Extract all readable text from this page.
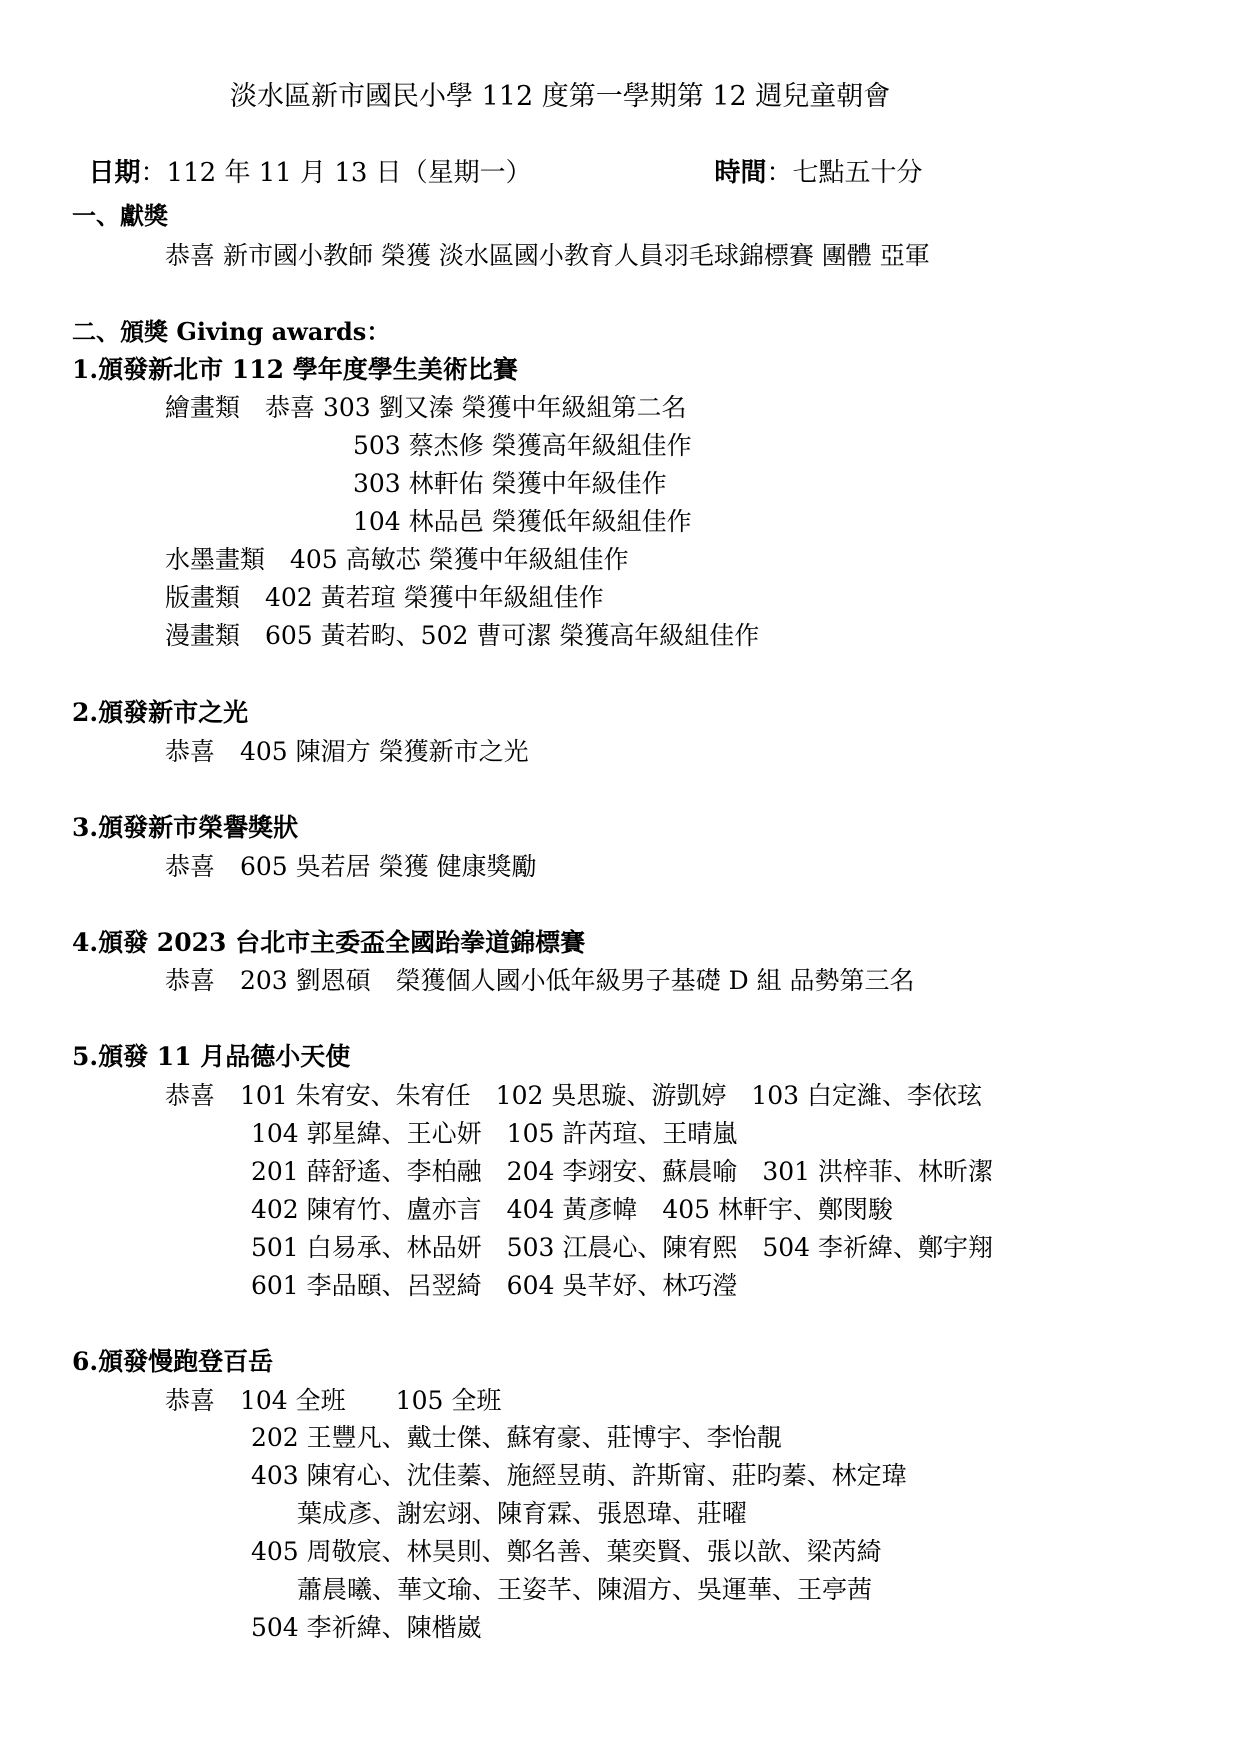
淡水區新市國民小學 112 度第一學期第 12 週兒童朝會

日期：112 年 11 月 13 日（星期一）	時間：七點五十分

一、獻獎
恭喜 新市國小教師 榮獲 淡水區國小教育人員羽毛球錦標賽 團體 亞軍
二、頒獎 Giving awards：
1.頒發新北市 112 學年度學生美術比賽
繪畫類　恭喜 303 劉又溱 榮獲中年級組第二名
503 蔡杰修 榮獲高年級組佳作
303 林軒佑 榮獲中年級佳作
104 林品邑 榮獲低年級組佳作
水墨畫類　405 高敏芯 榮獲中年級組佳作
版畫類　402 黃若瑄 榮獲中年級組佳作
漫畫類　605 黃若畇、502 曹可潔 榮獲高年級組佳作
2.頒發新市之光
恭喜　405 陳湄方 榮獲新市之光
3.頒發新市榮譽獎狀
恭喜　605 吳若居 榮獲 健康獎勵
4.頒發 2023 台北市主委盃全國跆拳道錦標賽
恭喜　203 劉恩碩　榮獲個人國小低年級男子基礎 D 組 品勢第三名
5.頒發 11 月品德小天使
恭喜　101 朱宥安、朱宥任　102 吳思璇、游凱婷　103 白定濰、李依玹
104 郭星緯、王心妍　105 許芮瑄、王晴嵐
201 薛舒遙、李柏融　204 李翊安、蘇晨喻　301 洪梓菲、林昕潔
402 陳宥竹、盧亦言　404 黃彥幃　405 林軒宇、鄭閔駿
501 白易承、林品妍　503 江晨心、陳宥熙　504 李祈緯、鄭宇翔
601 李品頤、呂翌綺　604 吳芊妤、林巧瀅
6.頒發慢跑登百岳
恭喜　104 全班　　105 全班
202 王豐凡、戴士傑、蘇宥豪、莊博宇、李怡靚
403 陳宥心、沈佳蓁、施經昱萌、許斯甯、莊昀蓁、林定瑋
葉成彥、謝宏翊、陳育霖、張恩瑋、莊曜
405 周敬宸、林昊則、鄭名善、葉奕賢、張以歆、梁芮綺
蕭晨曦、華文瑜、王姿芊、陳湄方、吳運華、王亭茜
504 李祈緯、陳楷崴
